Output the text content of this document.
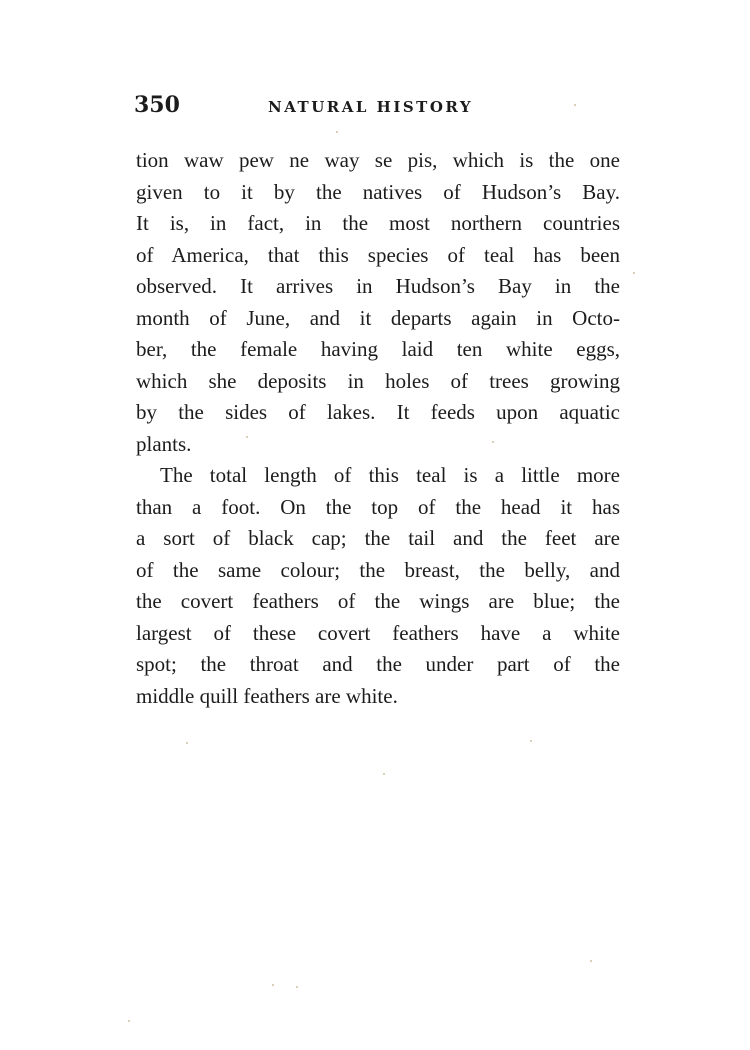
350	NATURAL HISTORY
tion waw pew ne way se pis, which is the one
given to it by the natives of Hudson’s Bay.
It is, in fact, in the most northern countries
of America, that this species of teal has been
observed. It arrives in Hudson’s Bay in the
month of June, and it departs again in Octo-
ber, the female having laid ten white eggs,
which she deposits in holes of trees growing
by the sides of lakes. It feeds upon aquatic
plants.
The total length of this teal is a little more
than a foot. On the top of the head it has
a sort of black cap; the tail and the feet are
of the same colour; the breast, the belly, and
the covert feathers of the wings are blue; the
largest of these covert feathers have a white
spot; the throat and the under part of the
middle quill feathers are white.
